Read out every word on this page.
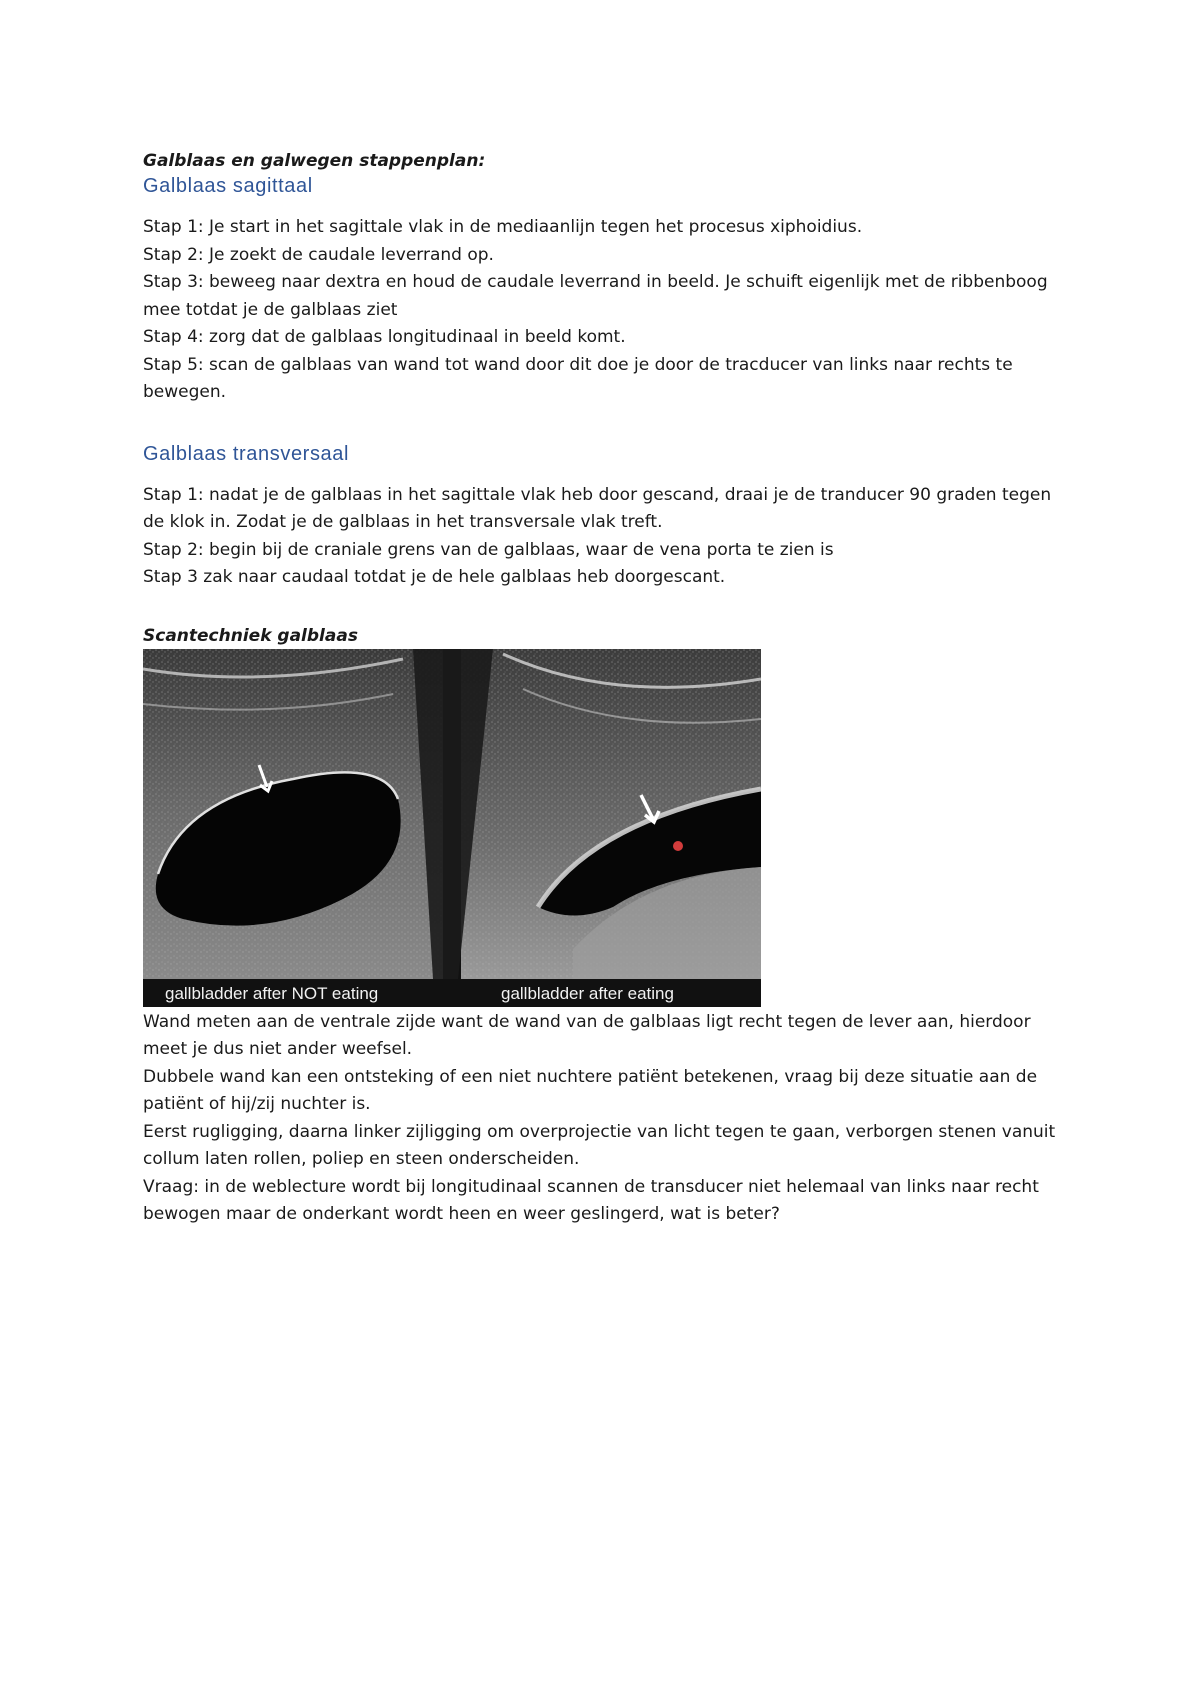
Galblaas en galwegen stappenplan:

Galblaas sagittaal
Stap 1: Je start in het sagittale vlak in de mediaanlijn tegen het procesus xiphoidius.
Stap 2: Je zoekt de caudale leverrand op.
Stap 3: beweeg naar dextra en houd de caudale leverrand in beeld. Je schuift eigenlijk met de ribbenboog mee totdat je de galblaas ziet
Stap 4: zorg dat de galblaas longitudinaal in beeld komt.
Stap 5: scan de galblaas van wand tot wand door dit doe je door de tracducer van links naar rechts te bewegen.
Galblaas transversaal
Stap 1: nadat je de galblaas in het sagittale vlak heb door gescand, draai je de tranducer 90 graden tegen de klok in. Zodat je de galblaas in het transversale vlak treft.
Stap 2: begin bij de craniale grens van de galblaas, waar de vena porta te zien is
Stap 3 zak naar caudaal totdat je de hele galblaas heb doorgescant.

Scantechniek galblaas

gallbladder after NOT eating	gallbladder after eating
Wand meten aan de ventrale zijde want de wand van de galblaas ligt recht tegen de lever aan, hierdoor meet je dus niet ander weefsel.
Dubbele wand kan een ontsteking of een niet nuchtere patiënt betekenen, vraag bij deze situatie aan de patiënt of hij/zij nuchter is.
Eerst rugligging, daarna linker zijligging om overprojectie van licht tegen te gaan, verborgen stenen vanuit collum laten rollen, poliep en steen onderscheiden.
Vraag: in de weblecture wordt bij longitudinaal scannen de transducer niet helemaal van links naar recht bewogen maar de onderkant wordt heen en weer geslingerd, wat is beter?
